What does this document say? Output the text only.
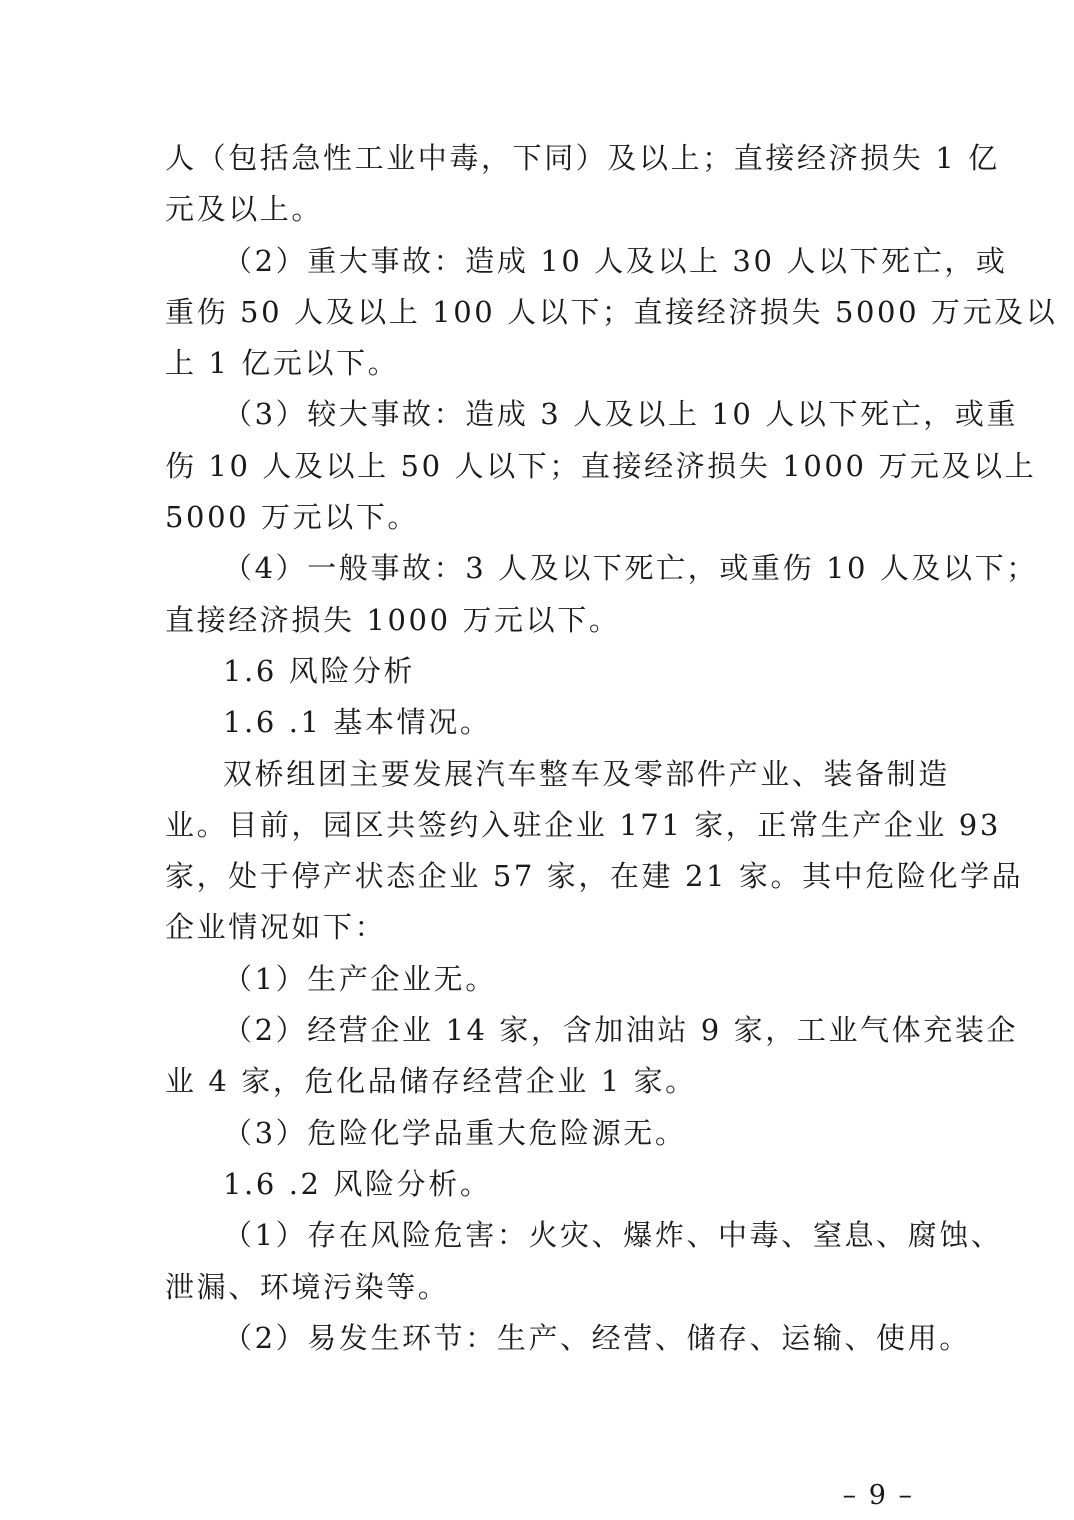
人（包括急性工业中毒，下同）及以上；直接经济损失 1 亿
元及以上。
（2）重大事故：造成 10 人及以上 30 人以下死亡，或
重伤 50 人及以上 100 人以下；直接经济损失 5000 万元及以
上 1 亿元以下。
（3）较大事故：造成 3 人及以上 10 人以下死亡，或重
伤 10 人及以上 50 人以下；直接经济损失 1000 万元及以上
5000 万元以下。
（4）一般事故：3 人及以下死亡，或重伤 10 人及以下；
直接经济损失 1000 万元以下。
1.6 风险分析
1.6 .1 基本情况。
双桥组团主要发展汽车整车及零部件产业、装备制造
业。目前，园区共签约入驻企业 171 家，正常生产企业 93
家，处于停产状态企业 57 家，在建 21 家。其中危险化学品
企业情况如下：
（1）生产企业无。
（2）经营企业 14 家，含加油站 9 家，工业气体充装企
业 4 家，危化品储存经营企业 1 家。
（3）危险化学品重大危险源无。
1.6 .2 风险分析。
（1）存在风险危害：火灾、爆炸、中毒、窒息、腐蚀、
泄漏、环境污染等。
（2）易发生环节：生产、经营、储存、运输、使用。
– 9 –
